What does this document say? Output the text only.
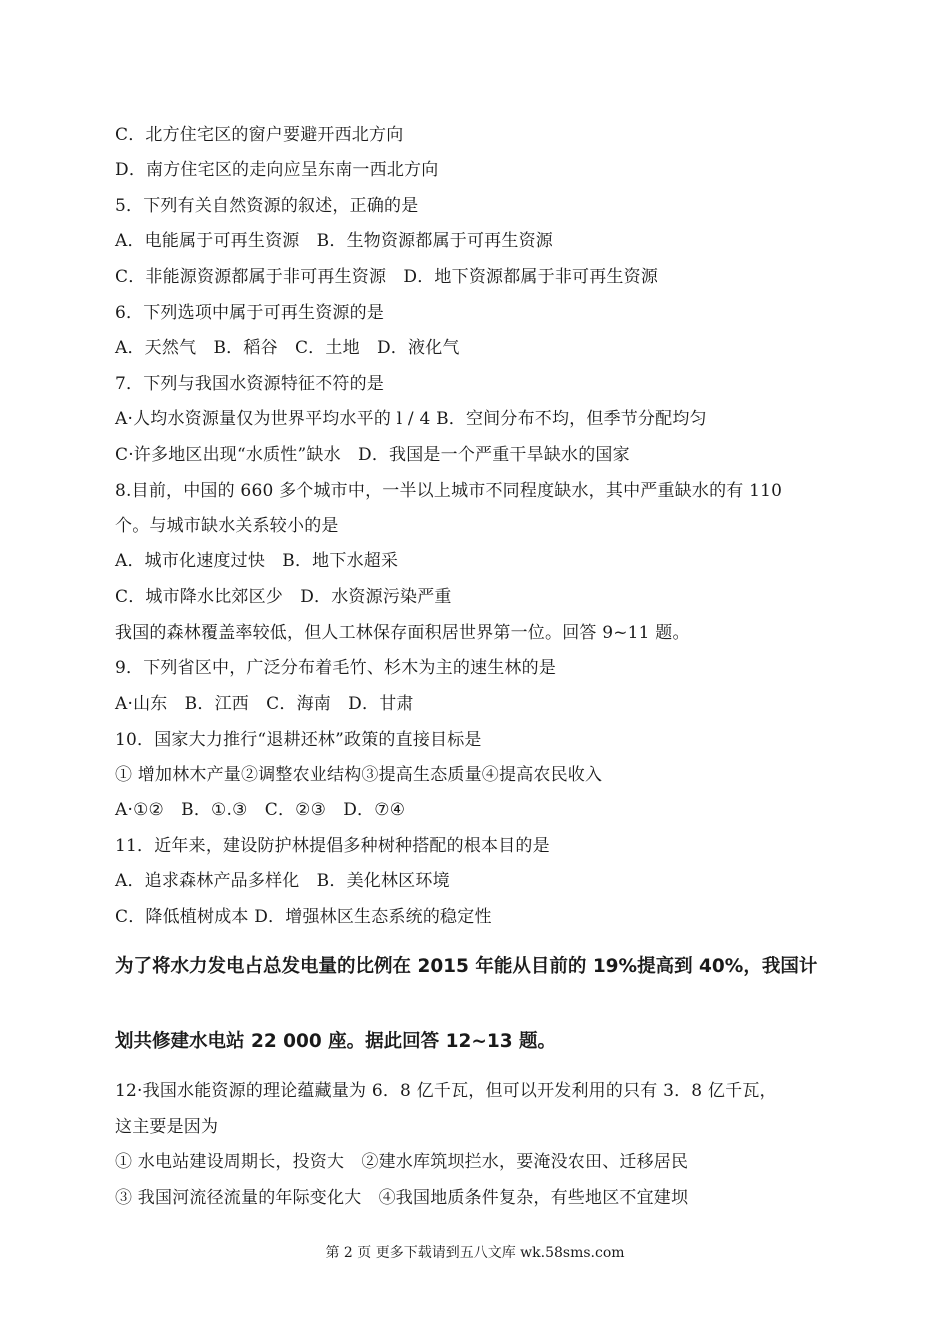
C．北方住宅区的窗户要避开西北方向
D．南方住宅区的走向应呈东南一西北方向
5．下列有关自然资源的叙述，正确的是
A．电能属于可再生资源　B．生物资源都属于可再生资源
C．非能源资源都属于非可再生资源　D．地下资源都属于非可再生资源
6．下列选项中属于可再生资源的是
A．天然气　B．稻谷　C．土地　D．液化气
7．下列与我国水资源特征不符的是
A·人均水资源量仅为世界平均水平的 l / 4 B．空间分布不均，但季节分配均匀
C·许多地区出现“水质性”缺水　D．我国是一个严重干旱缺水的国家
8.目前，中国的 660 多个城市中，一半以上城市不同程度缺水，其中严重缺水的有 110
个。与城市缺水关系较小的是
A．城市化速度过快　B．地下水超采
C．城市降水比郊区少　D．水资源污染严重
我国的森林覆盖率较低，但人工林保存面积居世界第一位。回答 9~11 题。
9．下列省区中，广泛分布着毛竹、杉木为主的速生林的是
A·山东　B．江西　C．海南　D．甘肃
10．国家大力推行“退耕还林”政策的直接目标是
① 增加林木产量②调整农业结构③提高生态质量④提高农民收入
A·①②　B．①.③　C．②③　D．⑦④
11．近年来，建设防护林提倡多种树种搭配的根本目的是
A．追求森林产品多样化　B．美化林区环境
C．降低植树成本 D．增强林区生态系统的稳定性
为了将水力发电占总发电量的比例在 2015 年能从目前的 19%提高到 40%，我国计
划共修建水电站 22 000 座。据此回答 12~13 题。
12·我国水能资源的理论蕴藏量为 6．8 亿千瓦，但可以开发利用的只有 3．8 亿千瓦，
这主要是因为
① 水电站建设周期长，投资大　②建水库筑坝拦水，要淹没农田、迁移居民
③ 我国河流径流量的年际变化大　④我国地质条件复杂，有些地区不宜建坝
第 2 页 更多下载请到五八文库 wk.58sms.com
